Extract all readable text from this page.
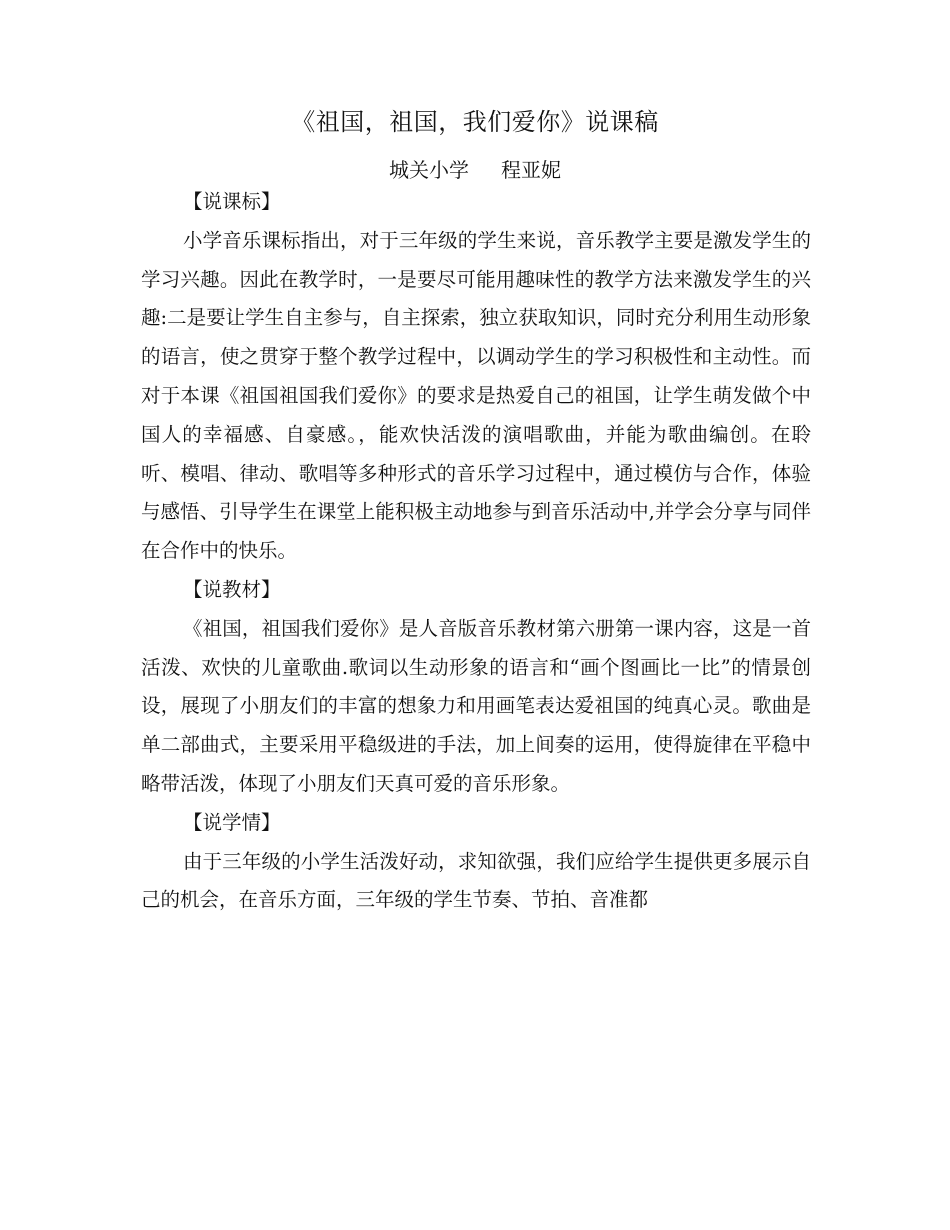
《祖国，祖国，我们爱你》说课稿
城关小学 程亚妮
【说课标】

小学音乐课标指出，对于三年级的学生来说，音乐教学主要是激发学生的学习兴趣。因此在教学时，一是要尽可能用趣味性的教学方法来激发学生的兴趣:二是要让学生自主参与，自主探索，独立获取知识，同时充分利用生动形象的语言，使之贯穿于整个教学过程中，以调动学生的学习积极性和主动性。而对于本课《祖国祖国我们爱你》的要求是热爱自己的祖国，让学生萌发做个中国人的幸福感、自豪感。，能欢快活泼的演唱歌曲，并能为歌曲编创。在聆听、模唱、律动、歌唱等多种形式的音乐学习过程中，通过模仿与合作，体验与感悟、引导学生在课堂上能积极主动地参与到音乐活动中,并学会分享与同伴在合作中的快乐。

【说教材】

《祖国，祖国我们爱你》是人音版音乐教材第六册第一课内容，这是一首活泼、欢快的儿童歌曲.歌词以生动形象的语言和“画个图画比一比”的情景创设，展现了小朋友们的丰富的想象力和用画笔表达爱祖国的纯真心灵。歌曲是单二部曲式，主要采用平稳级进的手法，加上间奏的运用，使得旋律在平稳中略带活泼，体现了小朋友们天真可爱的音乐形象。

【说学情】

由于三年级的小学生活泼好动，求知欲强，我们应给学生提供更多展示自己的机会，在音乐方面，三年级的学生节奏、节拍、音准都
